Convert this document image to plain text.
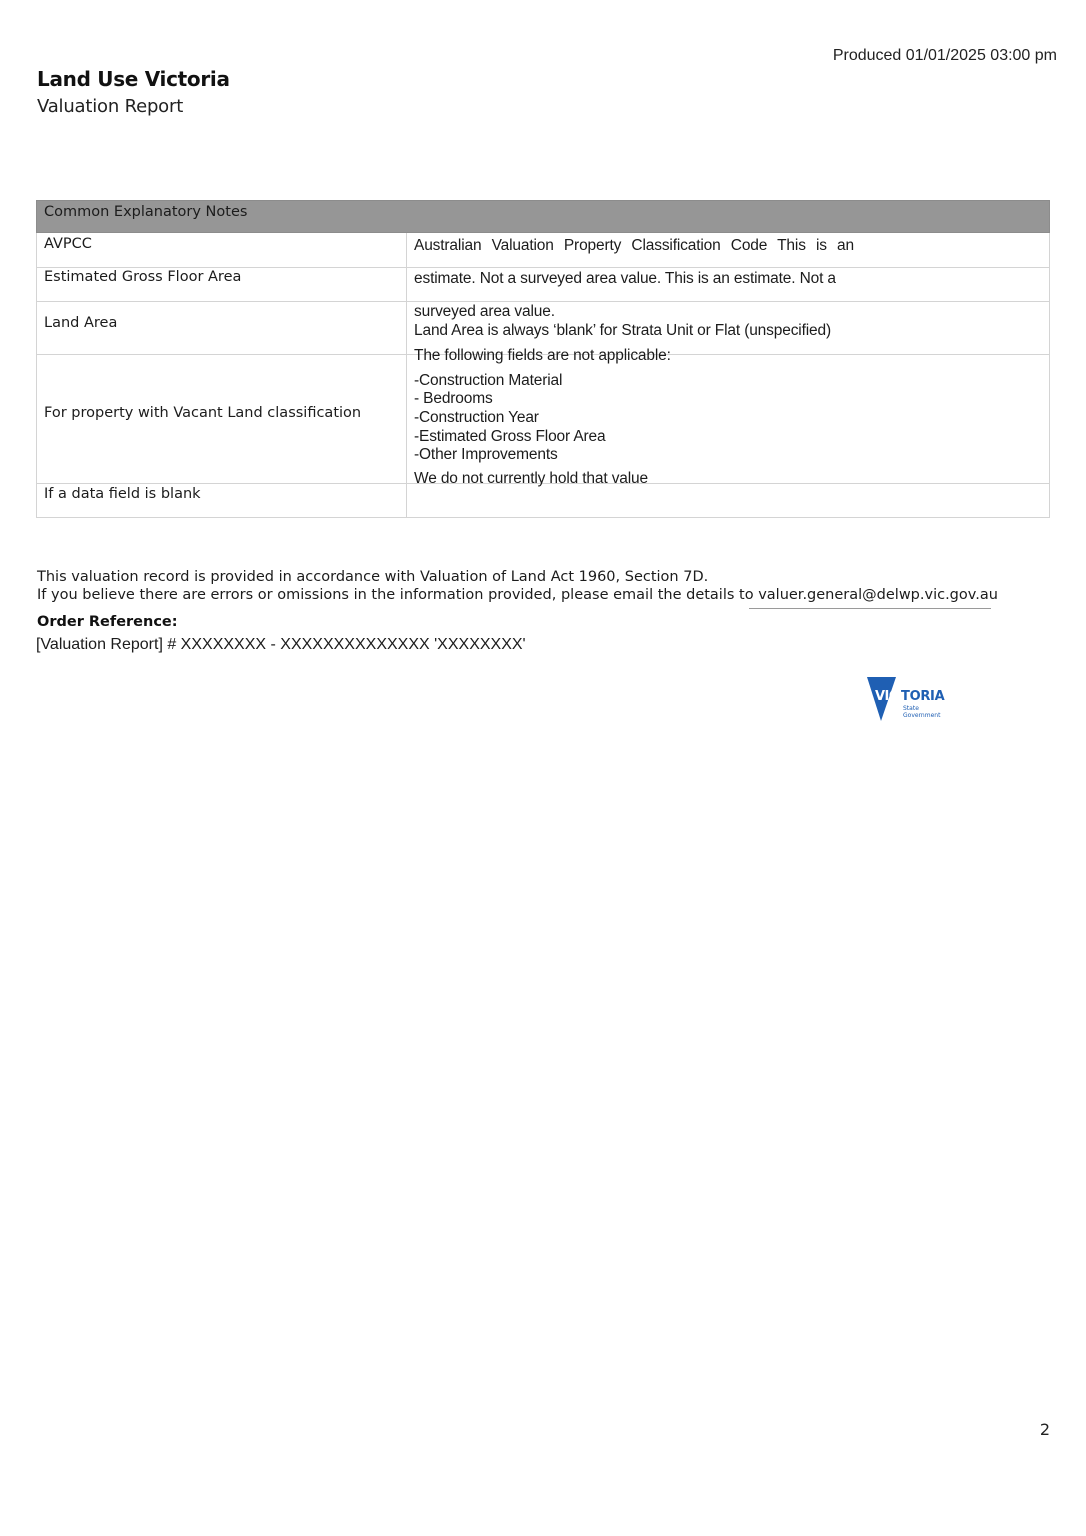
Produced 01/01/2025 03:00 pm
Land Use Victoria
Valuation Report
Common Explanatory Notes
AVPCC
Estimated Gross Floor Area
Land Area
For property with Vacant Land classification
If a data field is blank
Australian Valuation Property Classification Code This is an
estimate. Not a surveyed area value. This is an estimate. Not a
surveyed area value.
Land Area is always ‘blank’ for Strata Unit or Flat (unspecified)
The following fields are not applicable:
-Construction Material
- Bedrooms
-Construction Year
-Estimated Gross Floor Area
-Other Improvements
We do not currently hold that value
This valuation record is provided in accordance with Valuation of Land Act 1960, Section 7D.
If you believe there are errors or omissions in the information provided, please email the details to valuer.general@delwp.vic.gov.au
Order Reference:
[Valuation Report] # XXXXXXXX - XXXXXXXXXXXXXX 'XXXXXXXX'
VIC TORIA
State
Government
2
